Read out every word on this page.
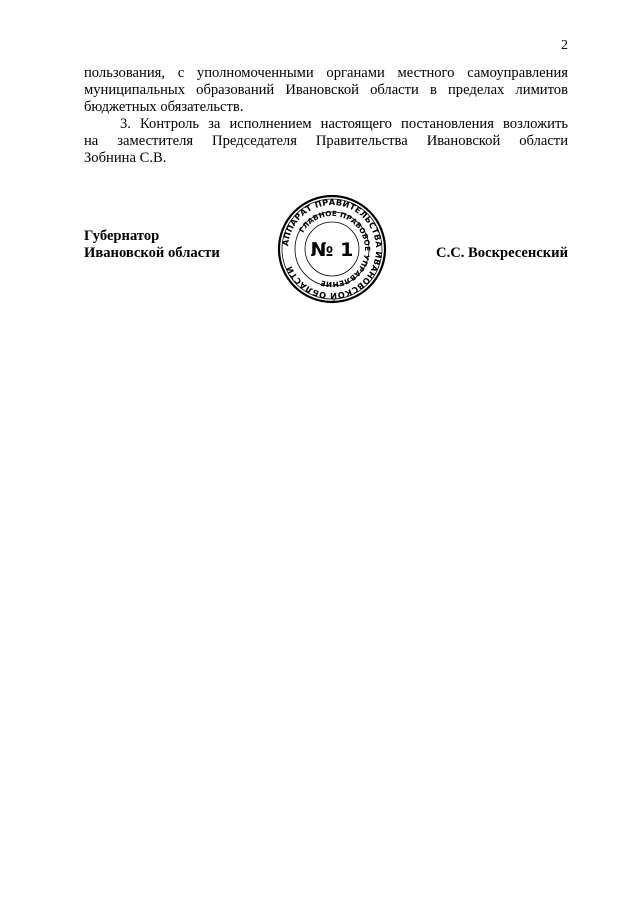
2

пользования, с уполномоченными органами местного самоуправления
муниципальных образований Ивановской области в пределах лимитов
бюджетных обязательств.

3. Контроль за исполнением настоящего постановления возложить
на заместителя Председателя Правительства Ивановской области
Зобнина С.В.

Губернатор
Ивановской области
АППАРАТ ПРАВИТЕЛЬСТВА ИВАНОВСКОЙ ОБЛАСТИ
ГЛАВНОЕ ПРАВОВОЕ УПРАВЛЕНИЕ
№ 1	С.С. Воскресенский
